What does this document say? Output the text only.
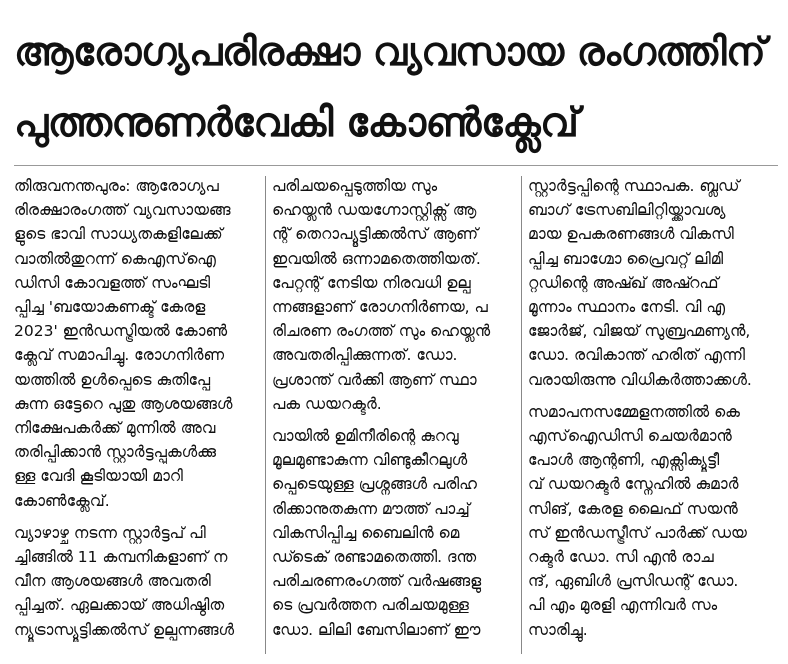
ആരോഗ്യപരിരക്ഷാ വ്യവസായ രംഗത്തിന്
പുത്തനുണർവേകി കോൺക്ലേവ്

തിരുവനന്തപുരം: ആരോഗ്യപ

രിരക്ഷാരംഗത്ത് വ്യവസായങ്ങ

ളുടെ ഭാവി സാധ്യതകളിലേക്ക്

വാതിൽതുറന്ന് കെഎസ്ഐ

ഡിസി കോവളത്ത് സംഘടി

പ്പിച്ച 'ബയോകണക്ട് കേരള

2023' ഇൻഡസ്ട്രിയൽ കോൺ

ക്ലേവ് സമാപിച്ചു. രോഗനിർണ

യത്തിൽ ഉൾപ്പെടെ കുതിപ്പേ

കുന്ന ഒട്ടേറെ പുതു ആശയങ്ങൾ

നിക്ഷേപകർക്ക് മുന്നിൽ അവ

തരിപ്പിക്കാൻ സ്റ്റാർട്ടപ്പുകൾക്കു

ള്ള വേദി കൂടിയായി മാറി

കോൺക്ലേവ്.

വ്യാഴാഴ്ച നടന്ന സ്റ്റാർട്ടപ് പി

ച്ചിങ്ങിൽ 11 കമ്പനികളാണ് ന

വീന ആശയങ്ങൾ അവതരി

പ്പിച്ചത്. ഏലക്കായ് അധിഷ്ഠിത

ന്യൂട്രാസ്യൂട്ടിക്കൽസ് ഉല്പന്നങ്ങൾ

പരിചയപ്പെടുത്തിയ സും

ഹെയ്ലൻ ഡയഗ്നോസ്റ്റിക്സ് ആ

ന്റ് തെറാപ്യൂട്ടിക്കൽസ് ആണ്

ഇവയിൽ ഒന്നാമതെത്തിയത്.

പേറ്റന്റ് നേടിയ നിരവധി ഉല്പ

ന്നങ്ങളാണ് രോഗനിർണയ, പ

രിചരണ രംഗത്ത് സും ഹെയ്ലൻ

അവതരിപ്പിക്കുന്നത്. ഡോ.

പ്രശാന്ത് വർക്കി ആണ് സ്ഥാ

പക ഡയറക്ടർ.

വായിൽ ഉമിനീരിന്റെ കുറവു

മൂലമുണ്ടാകുന്ന വിണ്ടുകീറലുൾ

പ്പെടെയുള്ള പ്രശ്നങ്ങൾ പരിഹ

രിക്കാനുതകുന്ന മൗത്ത് പാച്ച്

വികസിപ്പിച്ച ബൈലിൻ മെ

ഡ്ടെക് രണ്ടാമതെത്തി. ദന്ത

പരിചരണരംഗത്ത് വർഷങ്ങളു

ടെ പ്രവർത്തന പരിചയമുള്ള

ഡോ. ലിലി ബേസിലാണ് ഈ

സ്റ്റാർട്ടപ്പിന്റെ സ്ഥാപക. ബ്ലഡ്

ബാഗ് ട്രേസബിലിറ്റിയ്ക്കാവശ്യ

മായ ഉപകരണങ്ങൾ വികസി

പ്പിച്ച ബാഗ്മോ പ്രൈവറ്റ് ലിമി

റ്റഡിന്റെ അഷ്ഖ് അഷ്റഫ്

മൂന്നാം സ്ഥാനം നേടി. വി എ

ജോർജ്, വിജയ് സുബ്രഹ്മണ്യൻ,

ഡോ. രവികാന്ത് ഹരിത് എന്നി

വരായിരുന്നു വിധികർത്താക്കൾ.

സമാപനസമ്മേളനത്തിൽ കെ

എസ്ഐഡിസി ചെയർമാൻ

പോൾ ആന്റണി, എക്സിക്യൂട്ടീ

വ് ഡയറക്ടർ സ്നേഹിൽ കുമാർ

സിങ്, കേരള ലൈഫ് സയൻ

സ് ഇൻഡസ്ട്രീസ് പാർക്ക് ഡയ

റക്ടർ ഡോ. സി എൻ രാച

ന്ദ്, ഏബിൾ പ്രസിഡന്റ് ഡോ.

പി എം മുരളി എന്നിവർ സം

സാരിച്ചു.
